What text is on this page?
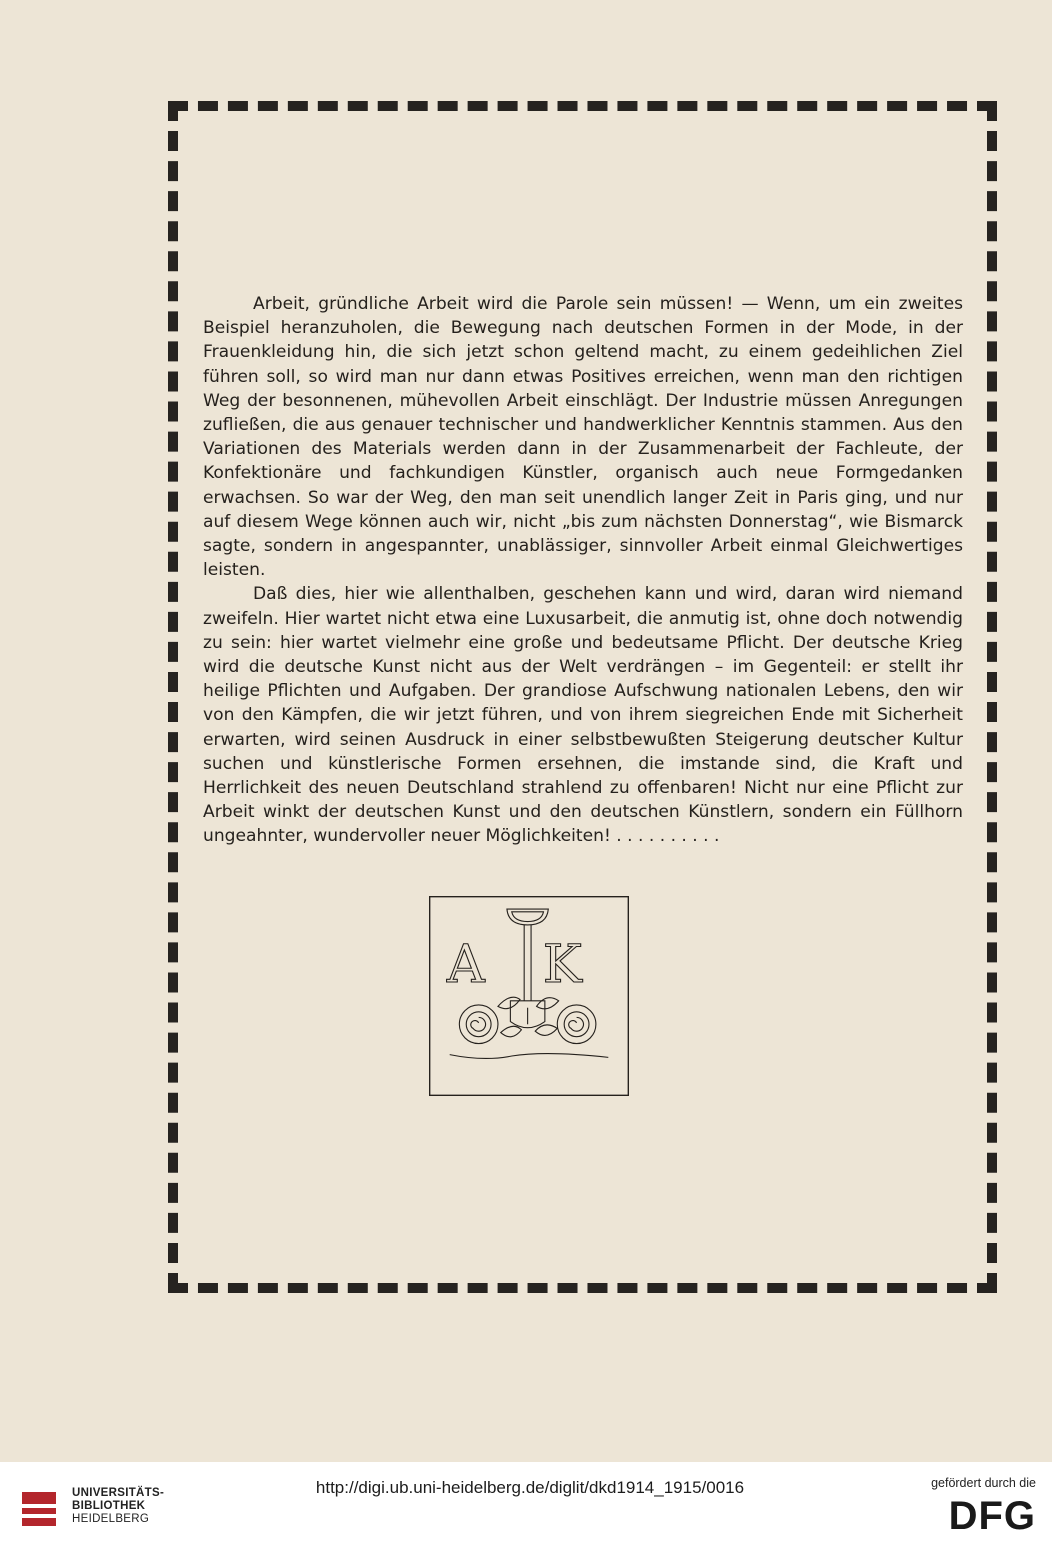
Arbeit, gründliche Arbeit wird die Parole sein müssen! — Wenn, um ein zweites Beispiel heranzuholen, die Bewegung nach deutschen Formen in der Mode, in der Frauenkleidung hin, die sich jetzt schon geltend macht, zu einem gedeihlichen Ziel führen soll, so wird man nur dann etwas Positives erreichen, wenn man den richtigen Weg der besonnenen, mühevollen Arbeit einschlägt. Der Industrie müssen Anregungen zufließen, die aus genauer technischer und handwerklicher Kenntnis stammen. Aus den Variationen des Materials werden dann in der Zusammenarbeit der Fachleute, der Konfektionäre und fachkundigen Künstler, organisch auch neue Formgedanken erwachsen. So war der Weg, den man seit unendlich langer Zeit in Paris ging, und nur auf diesem Wege können auch wir, nicht „bis zum nächsten Donnerstag“, wie Bismarck sagte, sondern in angespannter, unablässiger, sinnvoller Arbeit einmal Gleichwertiges leisten.

Daß dies, hier wie allenthalben, geschehen kann und wird, daran wird niemand zweifeln. Hier wartet nicht etwa eine Luxusarbeit, die anmutig ist, ohne doch notwendig zu sein: hier wartet vielmehr eine große und bedeutsame Pflicht. Der deutsche Krieg wird die deutsche Kunst nicht aus der Welt verdrängen – im Gegenteil: er stellt ihr heilige Pflichten und Aufgaben. Der grandiose Aufschwung nationalen Lebens, den wir von den Kämpfen, die wir jetzt führen, und von ihrem siegreichen Ende mit Sicherheit erwarten, wird seinen Ausdruck in einer selbstbewußten Steigerung deutscher Kultur suchen und künstlerische Formen ersehnen, die imstande sind, die Kraft und Herrlichkeit des neuen Deutschland strahlend zu offenbaren! Nicht nur eine Pflicht zur Arbeit winkt der deutschen Kunst und den deutschen Künstlern, sondern ein Füllhorn ungeahnter, wundervoller neuer Möglichkeiten! . . . . . . . . . .

A K
UNIVERSITÄTS-
BIBLIOTHEK
HEIDELBERG
http://digi.ub.uni-heidelberg.de/diglit/dkd1914_1915/0016	gefördert durch die
DFG
